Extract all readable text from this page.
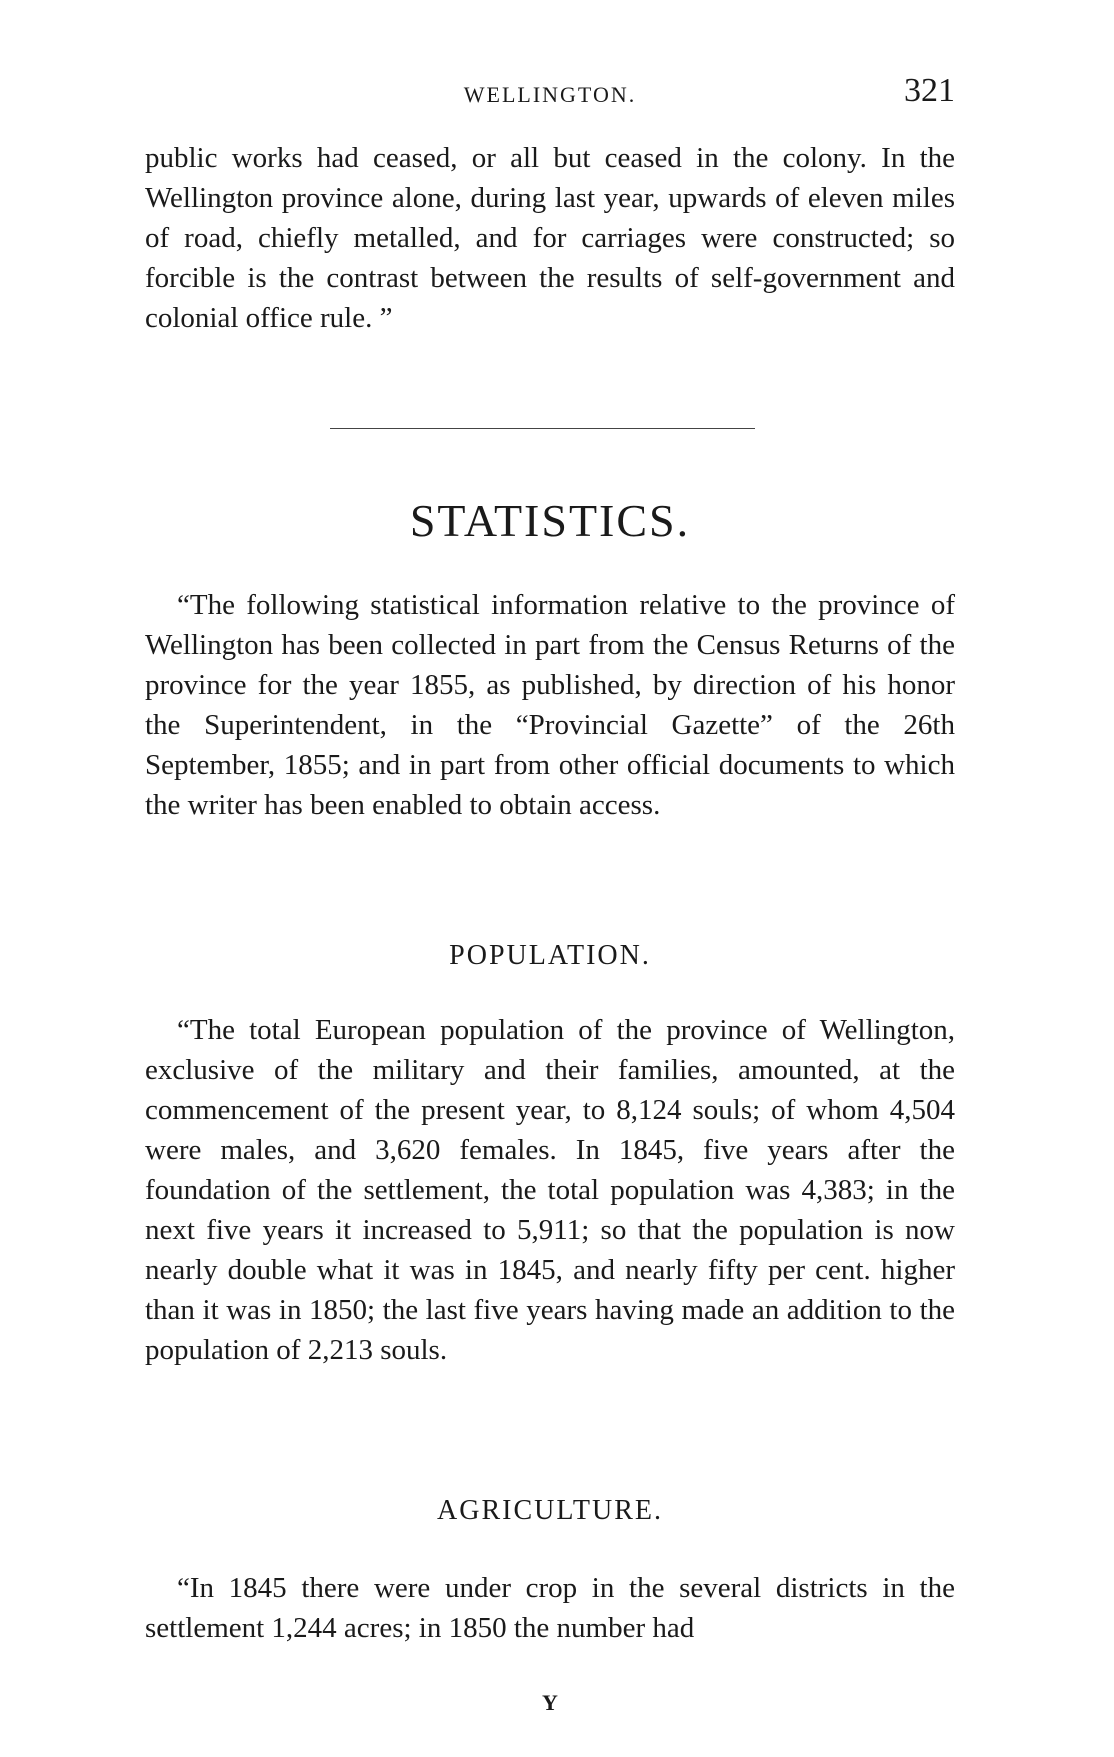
WELLINGTON.	321

public works had ceased, or all but ceased in the colony. In the Wellington province alone, during last year, upwards of eleven miles of road, chiefly metalled, and for carriages were constructed; so forcible is the contrast between the results of self-government and colonial office rule. ”

STATISTICS.

“The following statistical information relative to the province of Wellington has been collected in part from the Census Returns of the province for the year 1855, as published, by direction of his honor the Superintendent, in the “Provincial Gazette” of the 26th September, 1855; and in part from other official documents to which the writer has been enabled to obtain access.

POPULATION.

“The total European population of the province of Wellington, exclusive of the military and their families, amounted, at the commencement of the present year, to 8,124 souls; of whom 4,504 were males, and 3,620 females. In 1845, five years after the foundation of the settlement, the total population was 4,383; in the next five years it increased to 5,911; so that the population is now nearly double what it was in 1845, and nearly fifty per cent. higher than it was in 1850; the last five years having made an addition to the population of 2,213 souls.

AGRICULTURE.

“In 1845 there were under crop in the several districts in the settlement 1,244 acres; in 1850 the number had

Y
